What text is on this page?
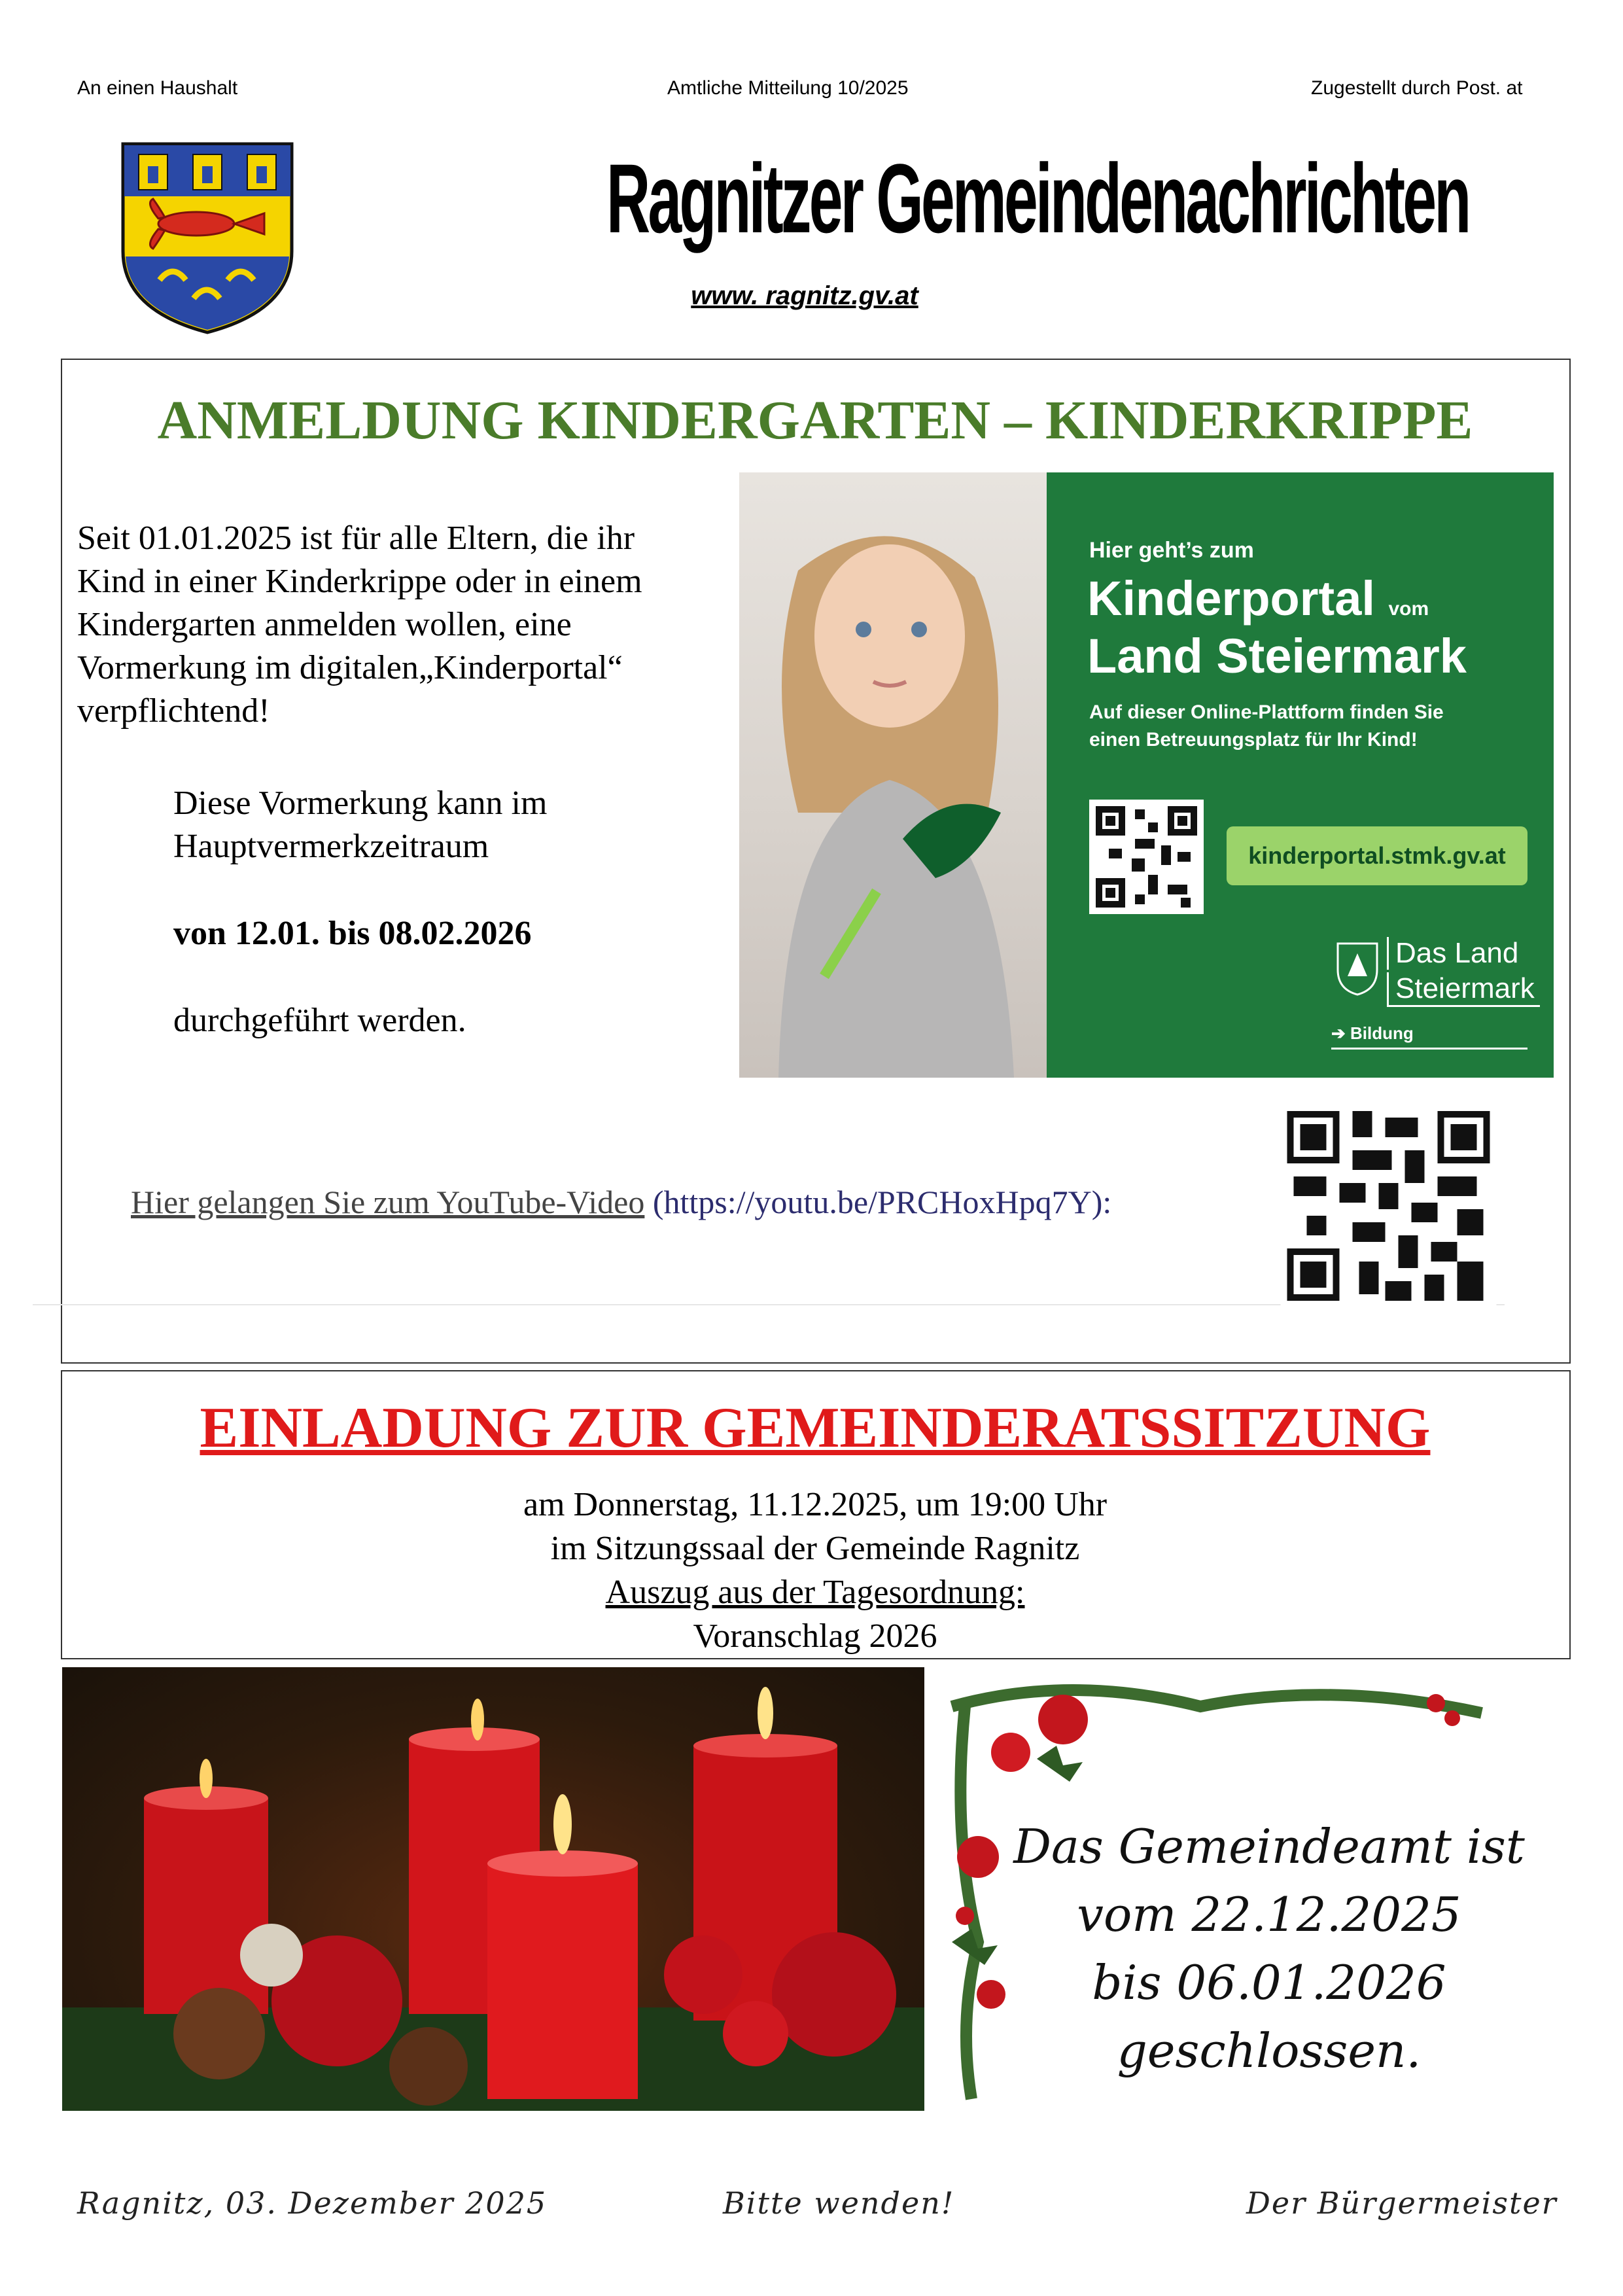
An einen Haushalt	Amtliche Mitteilung 10/2025	Zugestellt durch Post. at
Ragnitzer Gemeindenachrichten
www. ragnitz.gv.at
ANMELDUNG KINDERGARTEN – KINDERKRIPPE
Seit 01.01.2025 ist für alle Eltern, die ihr
Kind in einer Kinderkrippe oder in einem
Kindergarten anmelden wollen, eine
Vormerkung im digitalen„Kinderportal“
verpflichtend!
Diese Vormerkung kann im
Hauptvermerkzeitraum
von 12.01. bis 08.02.2026
durchgeführt werden.
Hier geht’s zum
Kinderportal vom
Land Steiermark
Auf dieser Online-Plattform finden Sie
einen Betreuungsplatz für Ihr Kind!
kinderportal.stmk.gv.at
Das Land
Steiermark
➔ Bildung
Hier gelangen Sie zum YouTube-Video (https://youtu.be/PRCHoxHpq7Y):
EINLADUNG ZUR GEMEINDERATSSITZUNG
am Donnerstag, 11.12.2025, um 19:00 Uhr
im Sitzungssaal der Gemeinde Ragnitz
Auszug aus der Tagesordnung:
Voranschlag 2026
Das Gemeindeamt ist
vom 22.12.2025
bis 06.01.2026
geschlossen.
Ragnitz, 03. Dezember 2025	Bitte wenden!	Der Bürgermeister
